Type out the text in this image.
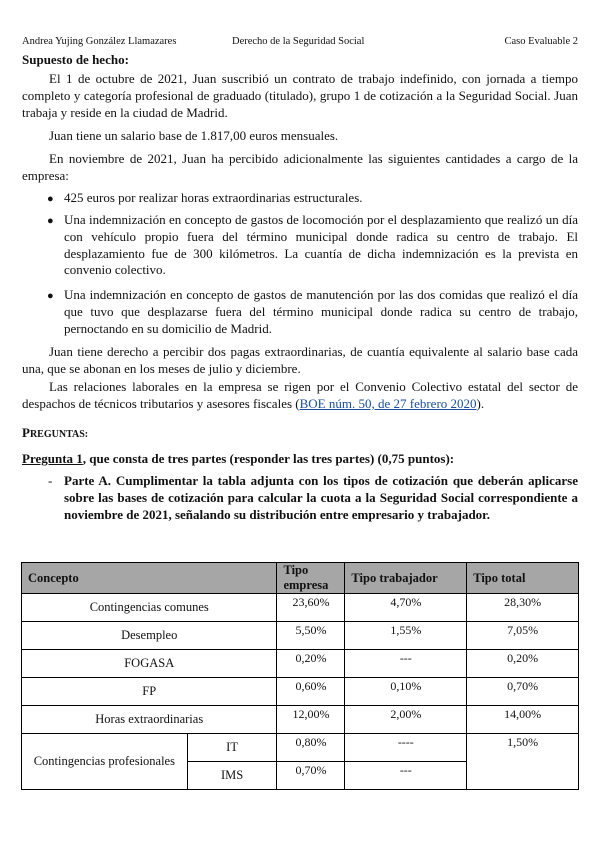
Andrea Yujing González Llamazares	Derecho de la Seguridad Social	Caso Evaluable 2
Supuesto de hecho:
El 1 de octubre de 2021, Juan suscribió un contrato de trabajo indefinido, con jornada a tiempo completo y categoría profesional de graduado (titulado), grupo 1 de cotización a la Seguridad Social. Juan trabaja y reside en la ciudad de Madrid.
Juan tiene un salario base de 1.817,00 euros mensuales.
En noviembre de 2021, Juan ha percibido adicionalmente las siguientes cantidades a cargo de la empresa:
● 425 euros por realizar horas extraordinarias estructurales.
● Una indemnización en concepto de gastos de locomoción por el desplazamiento que realizó un día con vehículo propio fuera del término municipal donde radica su centro de trabajo. El desplazamiento fue de 300 kilómetros. La cuantía de dicha indemnización es la prevista en convenio colectivo.
● Una indemnización en concepto de gastos de manutención por las dos comidas que realizó el día que tuvo que desplazarse fuera del término municipal donde radica su centro de trabajo, pernoctando en su domicilio de Madrid.
Juan tiene derecho a percibir dos pagas extraordinarias, de cuantía equivalente al salario base cada una, que se abonan en los meses de julio y diciembre.
Las relaciones laborales en la empresa se rigen por el Convenio Colectivo estatal del sector de despachos de técnicos tributarios y asesores fiscales (BOE núm. 50, de 27 febrero 2020).
PREGUNTAS:
Pregunta 1, que consta de tres partes (responder las tres partes) (0,75 puntos):
- Parte A. Cumplimentar la tabla adjunta con los tipos de cotización que deberán aplicarse sobre las bases de cotización para calcular la cuota a la Seguridad Social correspondiente a noviembre de 2021, señalando su distribución entre empresario y trabajador.
Concepto		Tipo empresa	Tipo trabajador	Tipo total
Contingencias comunes		23,60%	4,70%	28,30%

Desempleo		5,50%	1,55%	7,05%

FOGASA		0,20%	---	0,20%

FP		0,60%	0,10%	0,70%

Horas extraordinarias		12,00%	2,00%	14,00%

Contingencias profesionales	IT	0,80%	----	1,50%

	IMS	0,70%	---	
